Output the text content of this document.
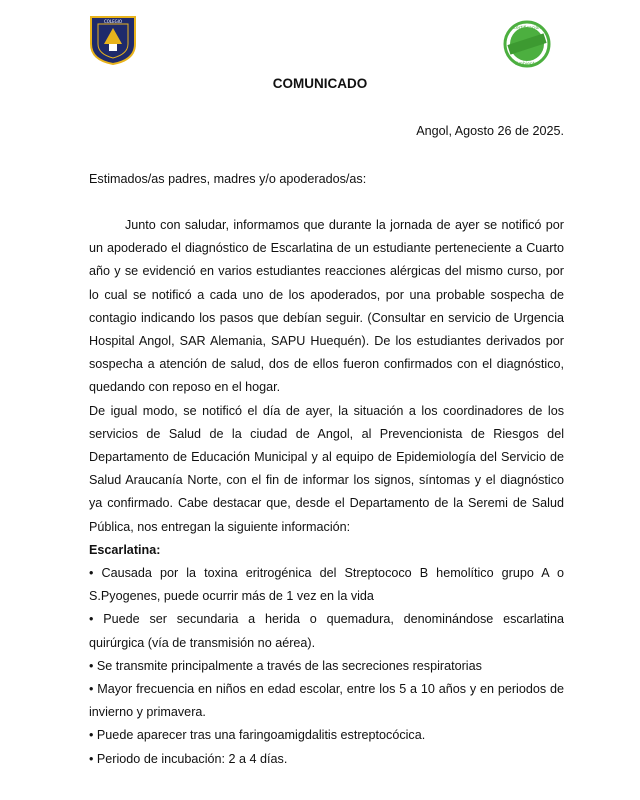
COLEGIO
Certificación
Ambiental
COMUNICADO
Angol, Agosto 26 de 2025.
Estimados/as padres, madres y/o apoderados/as:

Junto con saludar, informamos que durante la jornada de ayer se notificó por un apoderado el diagnóstico de Escarlatina de un estudiante perteneciente a Cuarto año y se evidenció en varios estudiantes reacciones alérgicas del mismo curso, por lo cual se notificó a cada uno de los apoderados, por una probable sospecha de contagio indicando los pasos que debían seguir. (Consultar en servicio de Urgencia Hospital Angol, SAR Alemania, SAPU Huequén). De los estudiantes derivados por sospecha a atención de salud, dos de ellos fueron confirmados con el diagnóstico, quedando con reposo en el hogar.

De igual modo, se notificó el día de ayer, la situación a los coordinadores de los servicios de Salud de la ciudad de Angol, al Prevencionista de Riesgos del Departamento de Educación Municipal y al equipo de Epidemiología del Servicio de Salud Araucanía Norte, con el fin de informar los signos, síntomas y el diagnóstico ya confirmado. Cabe destacar que, desde el Departamento de la Seremi de Salud Pública, nos entregan la siguiente información:

Escarlatina:

• Causada por la toxina eritrogénica del Streptococo B hemolítico grupo A o S.Pyogenes, puede ocurrir más de 1 vez en la vida

• Puede ser secundaria a herida o quemadura, denominándose escarlatina quirúrgica (vía de transmisión no aérea).

• Se transmite principalmente a través de las secreciones respiratorias

• Mayor frecuencia en niños en edad escolar, entre los 5 a 10 años y en periodos de invierno y primavera.

• Puede aparecer tras una faringoamigdalitis estreptocócica.

• Periodo de incubación: 2 a 4 días.
